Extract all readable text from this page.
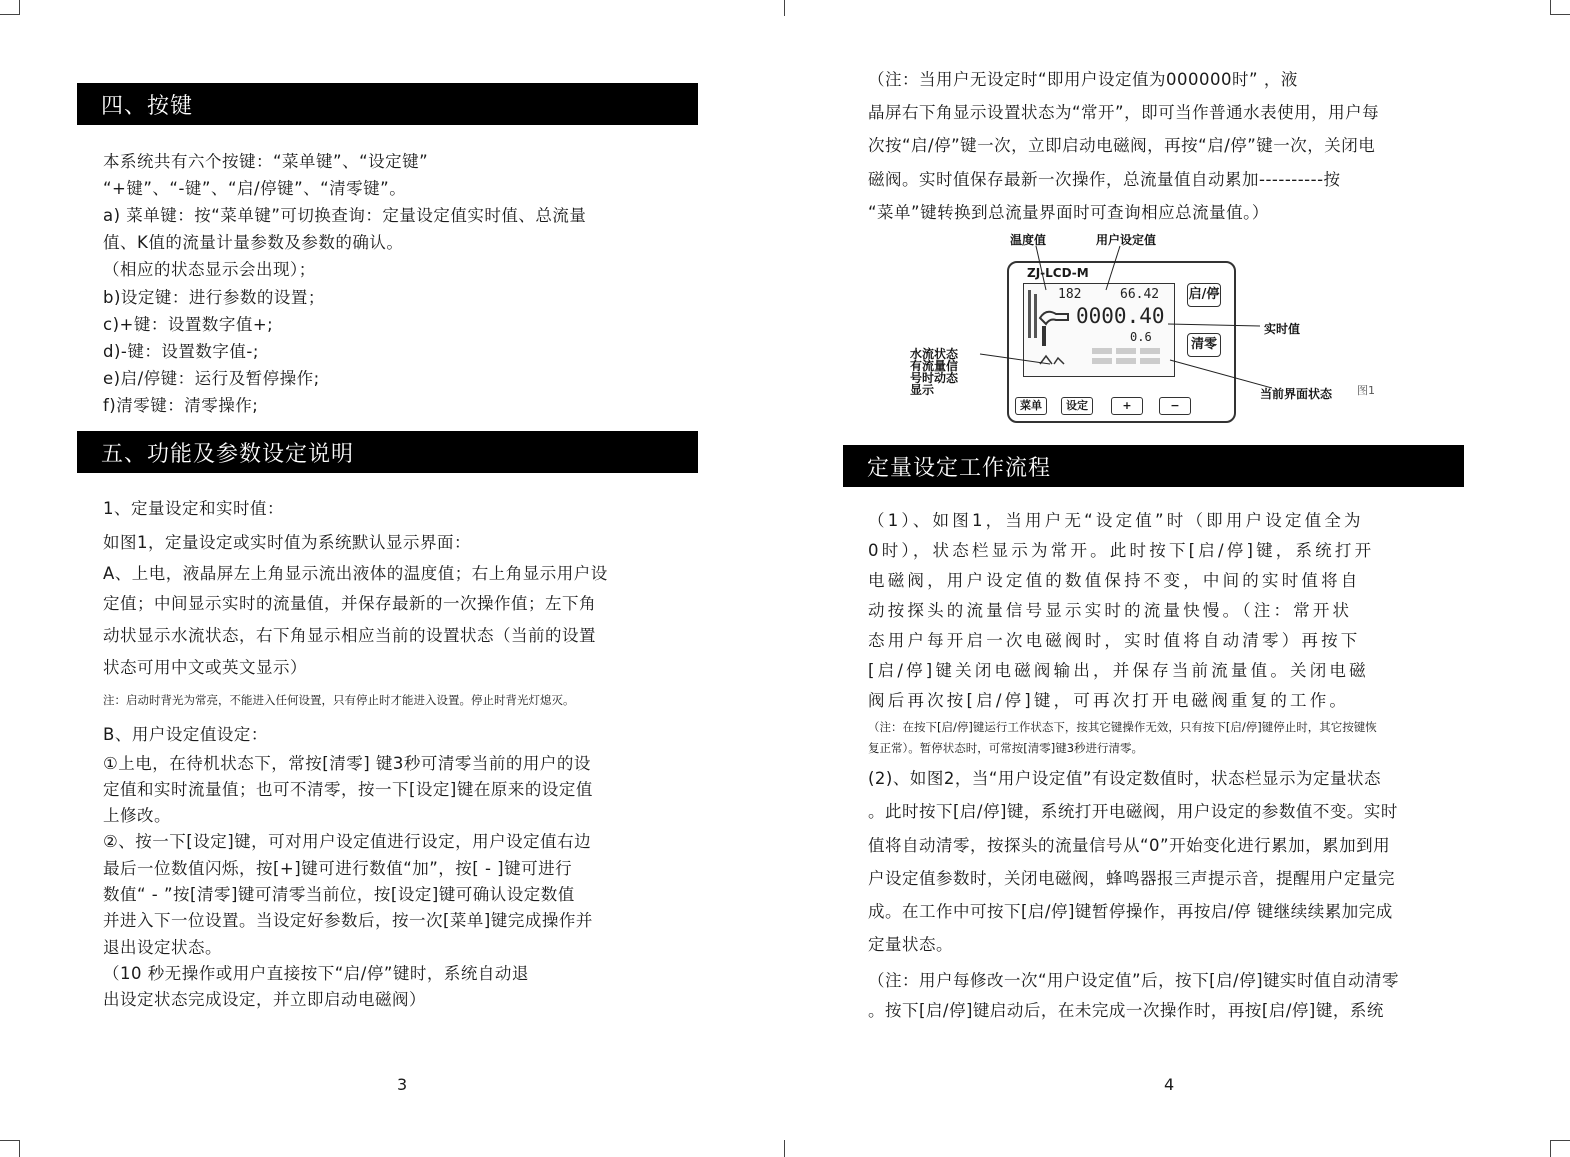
四、按键

本系统共有六个按键：“菜单键”、“设定键”

“+键”、“-键”、“启/停键”、“清零键”。

a) 菜单键：按“菜单键”可切换查询：定量设定值实时值、总流量

值、K值的流量计量参数及参数的确认。

（相应的状态显示会出现）；

b)设定键：进行参数的设置；

c)+键：设置数字值+;

d)-键：设置数字值-;

e)启/停键：运行及暂停操作;

f)清零键：清零操作;

五、功能及参数设定说明

1、定量设定和实时值：

如图1，定量设定或实时值为系统默认显示界面：

A、上电，液晶屏左上角显示流出液体的温度值；右上角显示用户设

定值；中间显示实时的流量值，并保存最新的一次操作值；左下角

动状显示水流状态，右下角显示相应当前的设置状态（当前的设置

状态可用中文或英文显示）

注：启动时背光为常亮，不能进入任何设置，只有停止时才能进入设置。停止时背光灯熄灭。

B、用户设定值设定：

①上电，在待机状态下，常按[清零] 键3秒可清零当前的用户的设

定值和实时流量值；也可不清零，按一下[设定]键在原来的设定值

上修改。

②、按一下[设定]键，可对用户设定值进行设定，用户设定值右边

最后一位数值闪烁，按[+]键可进行数值“加”，按[ - ]键可进行

数值“ - ”按[清零]键可清零当前位，按[设定]键可确认设定数值

并进入下一位设置。当设定好参数后，按一次[菜单]键完成操作并

退出设定状态。

（10 秒无操作或用户直接按下“启/停”键时，系统自动退

出设定状态完成设定，并立即启动电磁阀）

3

（注：当用户无设定时“即用户设定值为000000时” ，液

晶屏右下角显示设置状态为“常开”，即可当作普通水表使用，用户每

次按“启/停”键一次，立即启动电磁阀，再按“启/停”键一次，关闭电

磁阀。实时值保存最新一次操作，总流量值自动累加----------按

“菜单”键转换到总流量界面时可查询相应总流量值。）

温度值	用户设定值
ZJ-LCD-M
182	66.42
0000.40
0.6
启/停
清零
菜单	设定	+	−
实时值
水流状态
有流量信
号时动态
显示	当前界面状态 图1
定量设定工作流程

（1）、如图1，当用户无“设定值”时（即用户设定值全为

0时），状态栏显示为常开。此时按下[启/停]键，系统打开

电磁阀，用户设定值的数值保持不变，中间的实时值将自

动按探头的流量信号显示实时的流量快慢。（注：常开状

态用户每开启一次电磁阀时，实时值将自动清零）再按下

[启/停]键关闭电磁阀输出，并保存当前流量值。关闭电磁

阀后再次按[启/停]键，可再次打开电磁阀重复的工作。

（注：在按下[启/停]键运行工作状态下，按其它键操作无效，只有按下[启/停]键停止时，其它按键恢

复正常）。暂停状态时，可常按[清零]键3秒进行清零。

(2)、如图2，当“用户设定值”有设定数值时，状态栏显示为定量状态

。此时按下[启/停]键，系统打开电磁阀，用户设定的参数值不变。实时

值将自动清零，按探头的流量信号从“0”开始变化进行累加，累加到用

户设定值参数时，关闭电磁阀，蜂鸣器报三声提示音，提醒用户定量完

成。在工作中可按下[启/停]键暂停操作，再按启/停 键继续续累加完成

定量状态。

（注：用户每修改一次“用户设定值”后，按下[启/停]键实时值自动清零

。按下[启/停]键启动后，在未完成一次操作时，再按[启/停]键，系统

4
